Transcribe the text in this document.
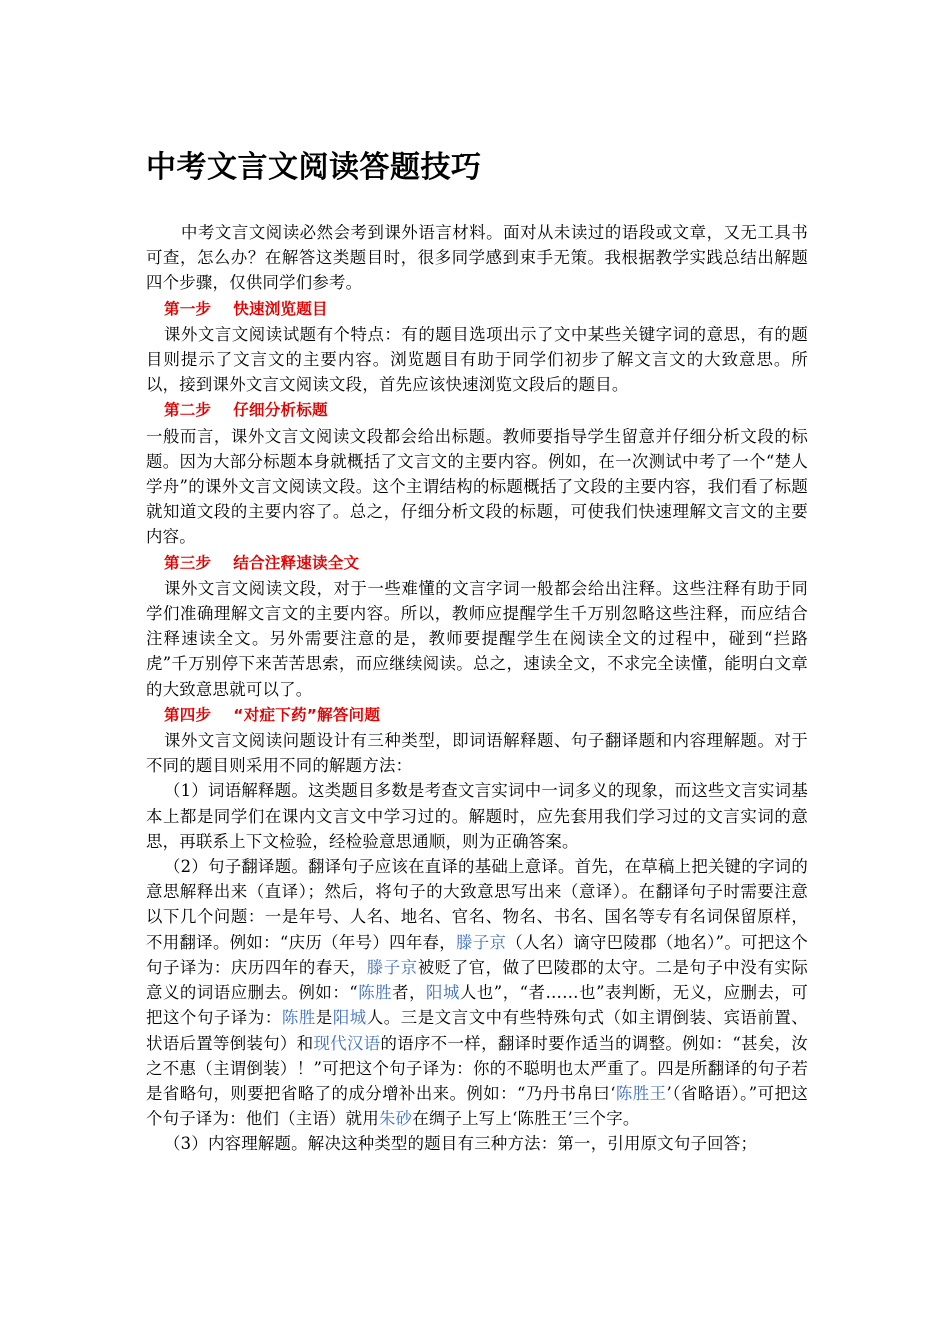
中考文言文阅读答题技巧

中考文言文阅读必然会考到课外语言材料。面对从未读过的语段或文章，又无工具书可查，怎么办？在解答这类题目时，很多同学感到束手无策。我根据教学实践总结出解题四个步骤，仅供同学们参考。

第一步 快速浏览题目

课外文言文阅读试题有个特点：有的题目选项出示了文中某些关键字词的意思，有的题目则提示了文言文的主要内容。浏览题目有助于同学们初步了解文言文的大致意思。所以，接到课外文言文阅读文段，首先应该快速浏览文段后的题目。

第二步 仔细分析标题

一般而言，课外文言文阅读文段都会给出标题。教师要指导学生留意并仔细分析文段的标题。因为大部分标题本身就概括了文言文的主要内容。例如，在一次测试中考了一个“楚人学舟”的课外文言文阅读文段。这个主谓结构的标题概括了文段的主要内容，我们看了标题就知道文段的主要内容了。总之，仔细分析文段的标题，可使我们快速理解文言文的主要内容。

第三步 结合注释速读全文

课外文言文阅读文段，对于一些难懂的文言字词一般都会给出注释。这些注释有助于同学们准确理解文言文的主要内容。所以，教师应提醒学生千万别忽略这些注释，而应结合注释速读全文。另外需要注意的是，教师要提醒学生在阅读全文的过程中，碰到“拦路虎”千万别停下来苦苦思索，而应继续阅读。总之，速读全文，不求完全读懂，能明白文章的大致意思就可以了。

第四步 “对症下药”解答问题

课外文言文阅读问题设计有三种类型，即词语解释题、句子翻译题和内容理解题。对于不同的题目则采用不同的解题方法：

（1）词语解释题。这类题目多数是考查文言实词中一词多义的现象，而这些文言实词基本上都是同学们在课内文言文中学习过的。解题时，应先套用我们学习过的文言实词的意思，再联系上下文检验，经检验意思通顺，则为正确答案。

（2）句子翻译题。翻译句子应该在直译的基础上意译。首先，在草稿上把关键的字词的意思解释出来（直译）；然后，将句子的大致意思写出来（意译）。在翻译句子时需要注意以下几个问题：一是年号、人名、地名、官名、物名、书名、国名等专有名词保留原样，不用翻译。例如：“庆历（年号）四年春，滕子京（人名）谪守巴陵郡（地名）”。可把这个句子译为：庆历四年的春天，滕子京被贬了官，做了巴陵郡的太守。二是句子中没有实际意义的词语应删去。例如：“陈胜者，阳城人也”，“者……也”表判断，无义，应删去，可把这个句子译为：陈胜是阳城人。三是文言文中有些特殊句式（如主谓倒装、宾语前置、状语后置等倒装句）和现代汉语的语序不一样，翻译时要作适当的调整。例如：“甚矣，汝之不惠（主谓倒装）！”可把这个句子译为：你的不聪明也太严重了。四是所翻译的句子若是省略句，则要把省略了的成分增补出来。例如：“乃丹书帛曰‘陈胜王’（省略语）。”可把这个句子译为：他们（主语）就用朱砂在绸子上写上‘陈胜王’三个字。

（3）内容理解题。解决这种类型的题目有三种方法：第一，引用原文句子回答；
